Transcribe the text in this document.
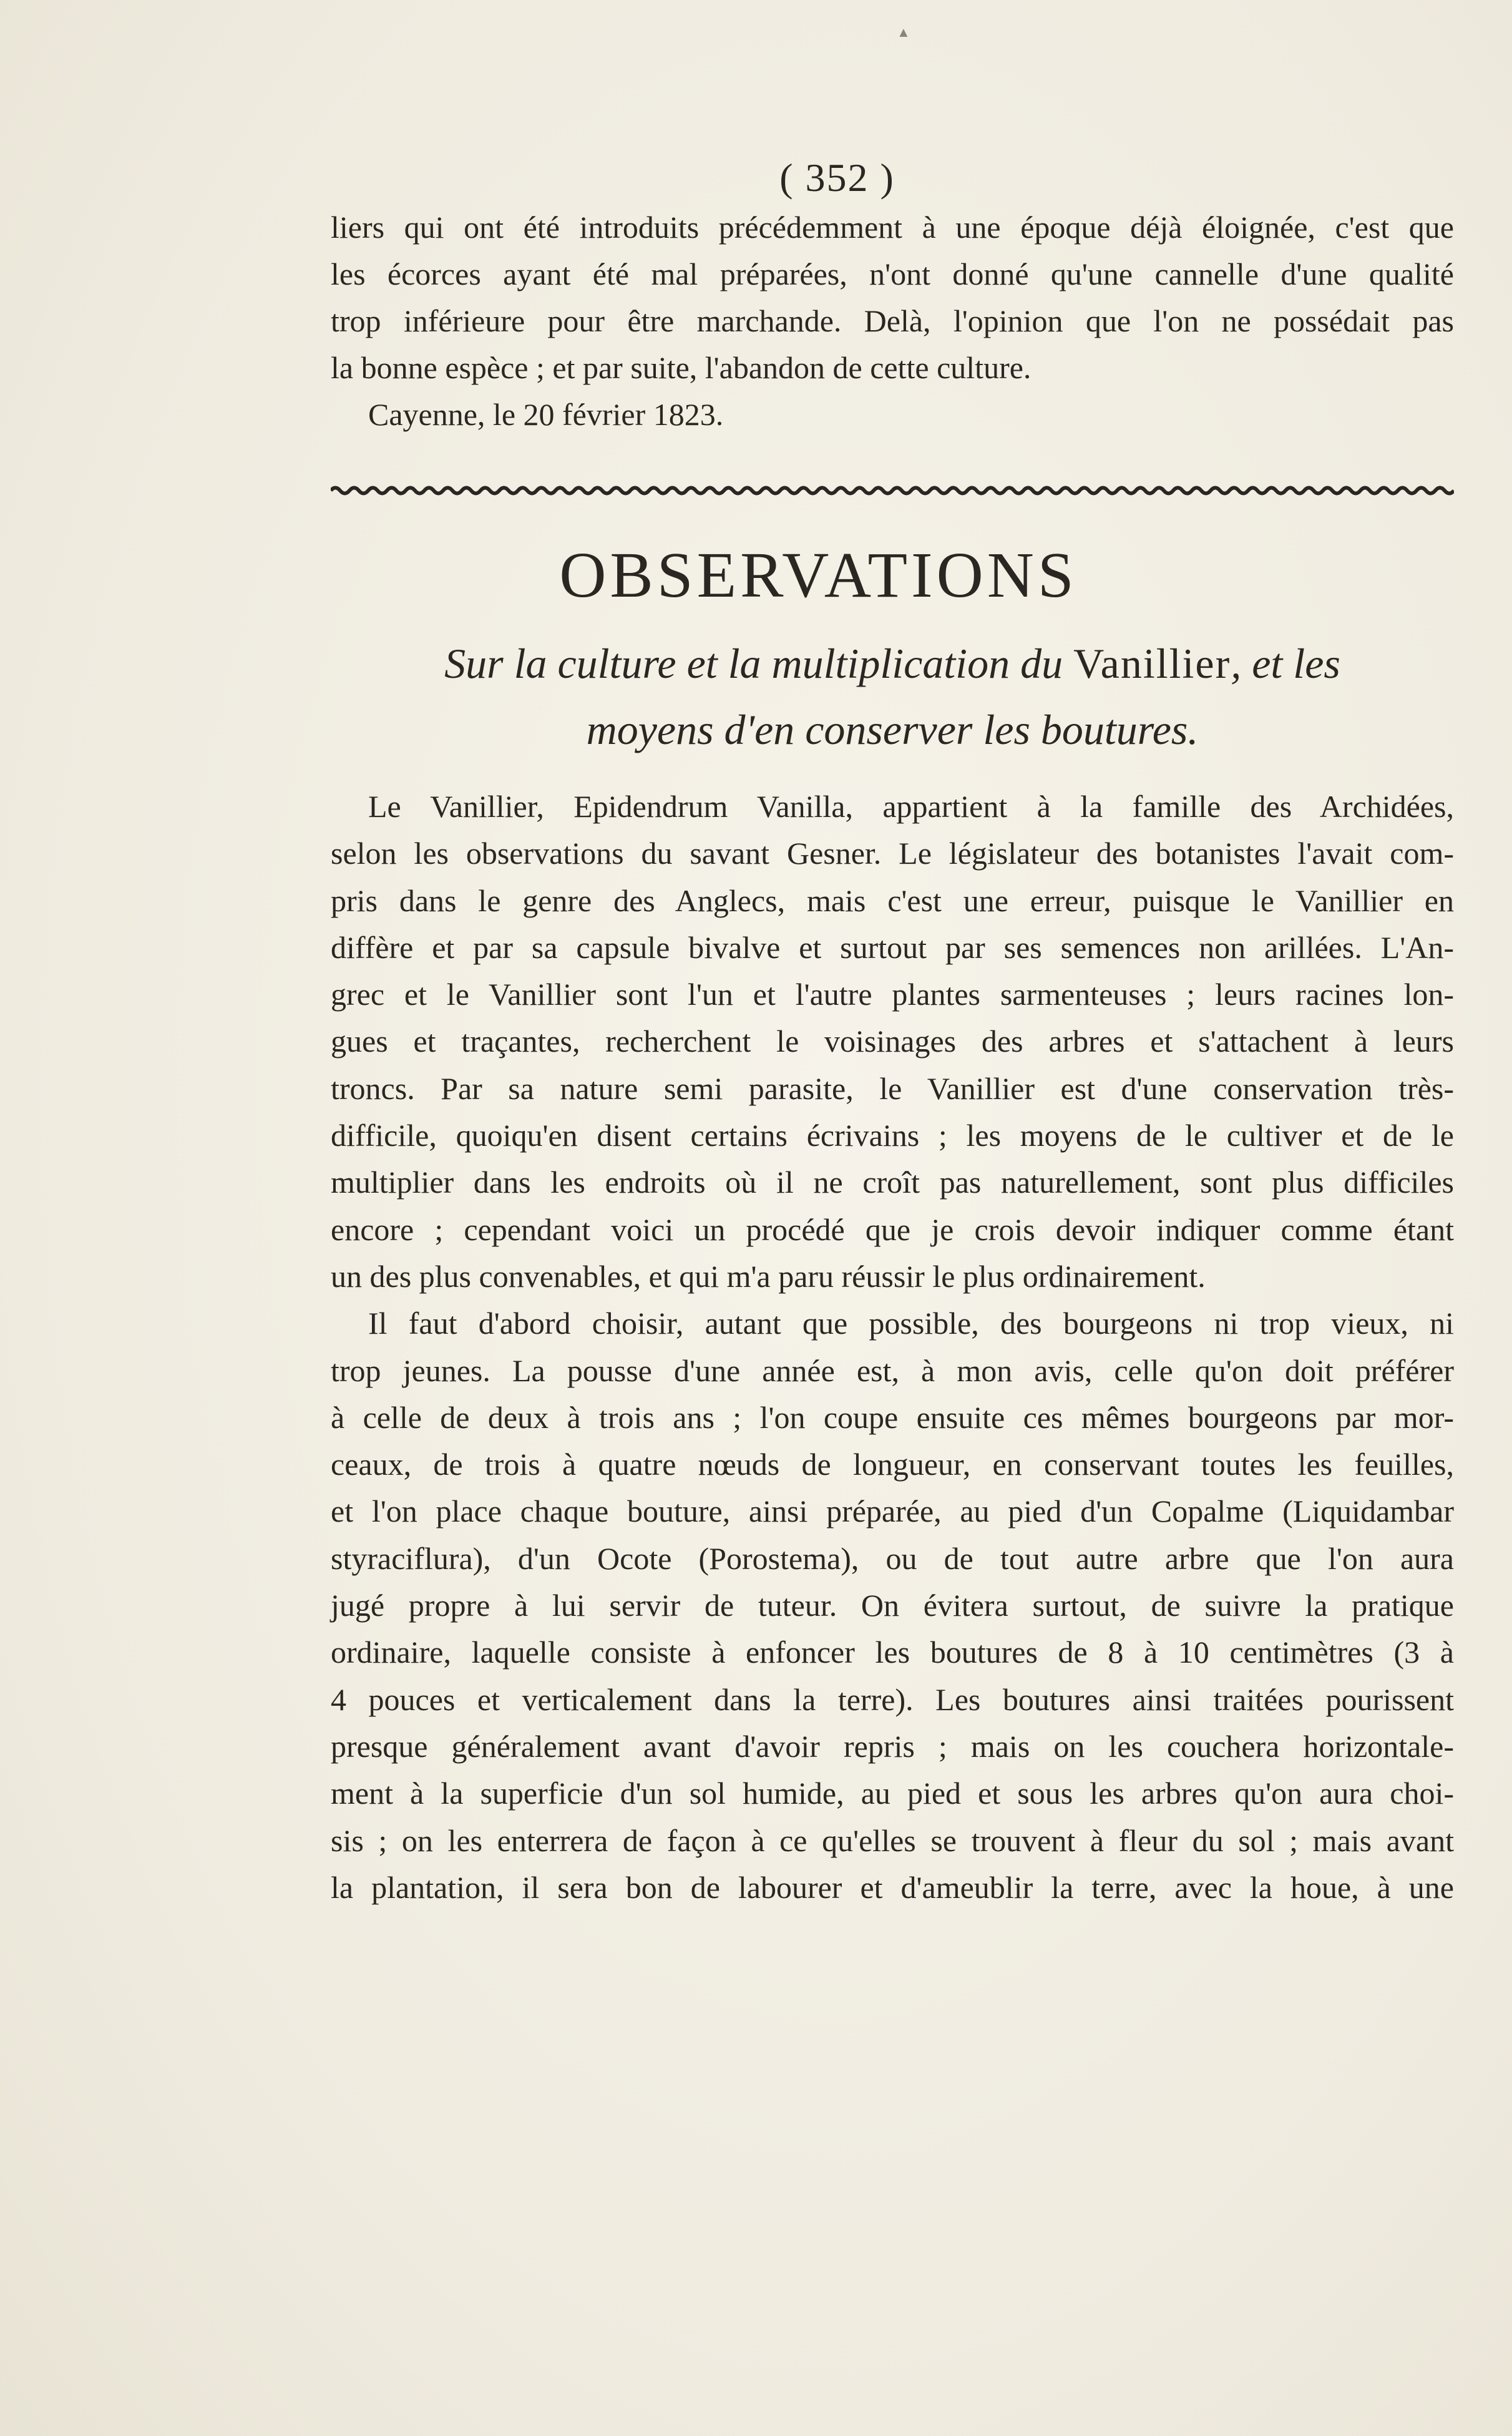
▲
( 352 )
liers qui ont été introduits précédemment à une époque déjà éloignée, c'est que
les écorces ayant été mal préparées, n'ont donné qu'une cannelle d'une qualité
trop inférieure pour être marchande. Delà, l'opinion que l'on ne possédait pas
la bonne espèce ; et par suite, l'abandon de cette culture.
Cayenne, le 20 février 1823.
OBSERVATIONS
Sur la culture et la multiplication du Vanillier, et les
moyens d'en conserver les boutures.
Le Vanillier, Epidendrum Vanilla, appartient à la famille des Archidées,
selon les observations du savant Gesner. Le législateur des botanistes l'avait com-
pris dans le genre des Anglecs, mais c'est une erreur, puisque le Vanillier en
diffère et par sa capsule bivalve et surtout par ses semences non arillées. L'An-
grec et le Vanillier sont l'un et l'autre plantes sarmenteuses ; leurs racines lon-
gues et traçantes, recherchent le voisinages des arbres et s'attachent à leurs
troncs. Par sa nature semi parasite, le Vanillier est d'une conservation très-
difficile, quoiqu'en disent certains écrivains ; les moyens de le cultiver et de le
multiplier dans les endroits où il ne croît pas naturellement, sont plus difficiles
encore ; cependant voici un procédé que je crois devoir indiquer comme étant
un des plus convenables, et qui m'a paru réussir le plus ordinairement.
Il faut d'abord choisir, autant que possible, des bourgeons ni trop vieux, ni
trop jeunes. La pousse d'une année est, à mon avis, celle qu'on doit préférer
à celle de deux à trois ans ; l'on coupe ensuite ces mêmes bourgeons par mor-
ceaux, de trois à quatre nœuds de longueur, en conservant toutes les feuilles,
et l'on place chaque bouture, ainsi préparée, au pied d'un Copalme (Liquidambar
styraciflura), d'un Ocote (Porostema), ou de tout autre arbre que l'on aura
jugé propre à lui servir de tuteur. On évitera surtout, de suivre la pratique
ordinaire, laquelle consiste à enfoncer les boutures de 8 à 10 centimètres (3 à
4 pouces et verticalement dans la terre). Les boutures ainsi traitées pourissent
presque généralement avant d'avoir repris ; mais on les couchera horizontale-
ment à la superficie d'un sol humide, au pied et sous les arbres qu'on aura choi-
sis ; on les enterrera de façon à ce qu'elles se trouvent à fleur du sol ; mais avant
la plantation, il sera bon de labourer et d'ameublir la terre, avec la houe, à une
